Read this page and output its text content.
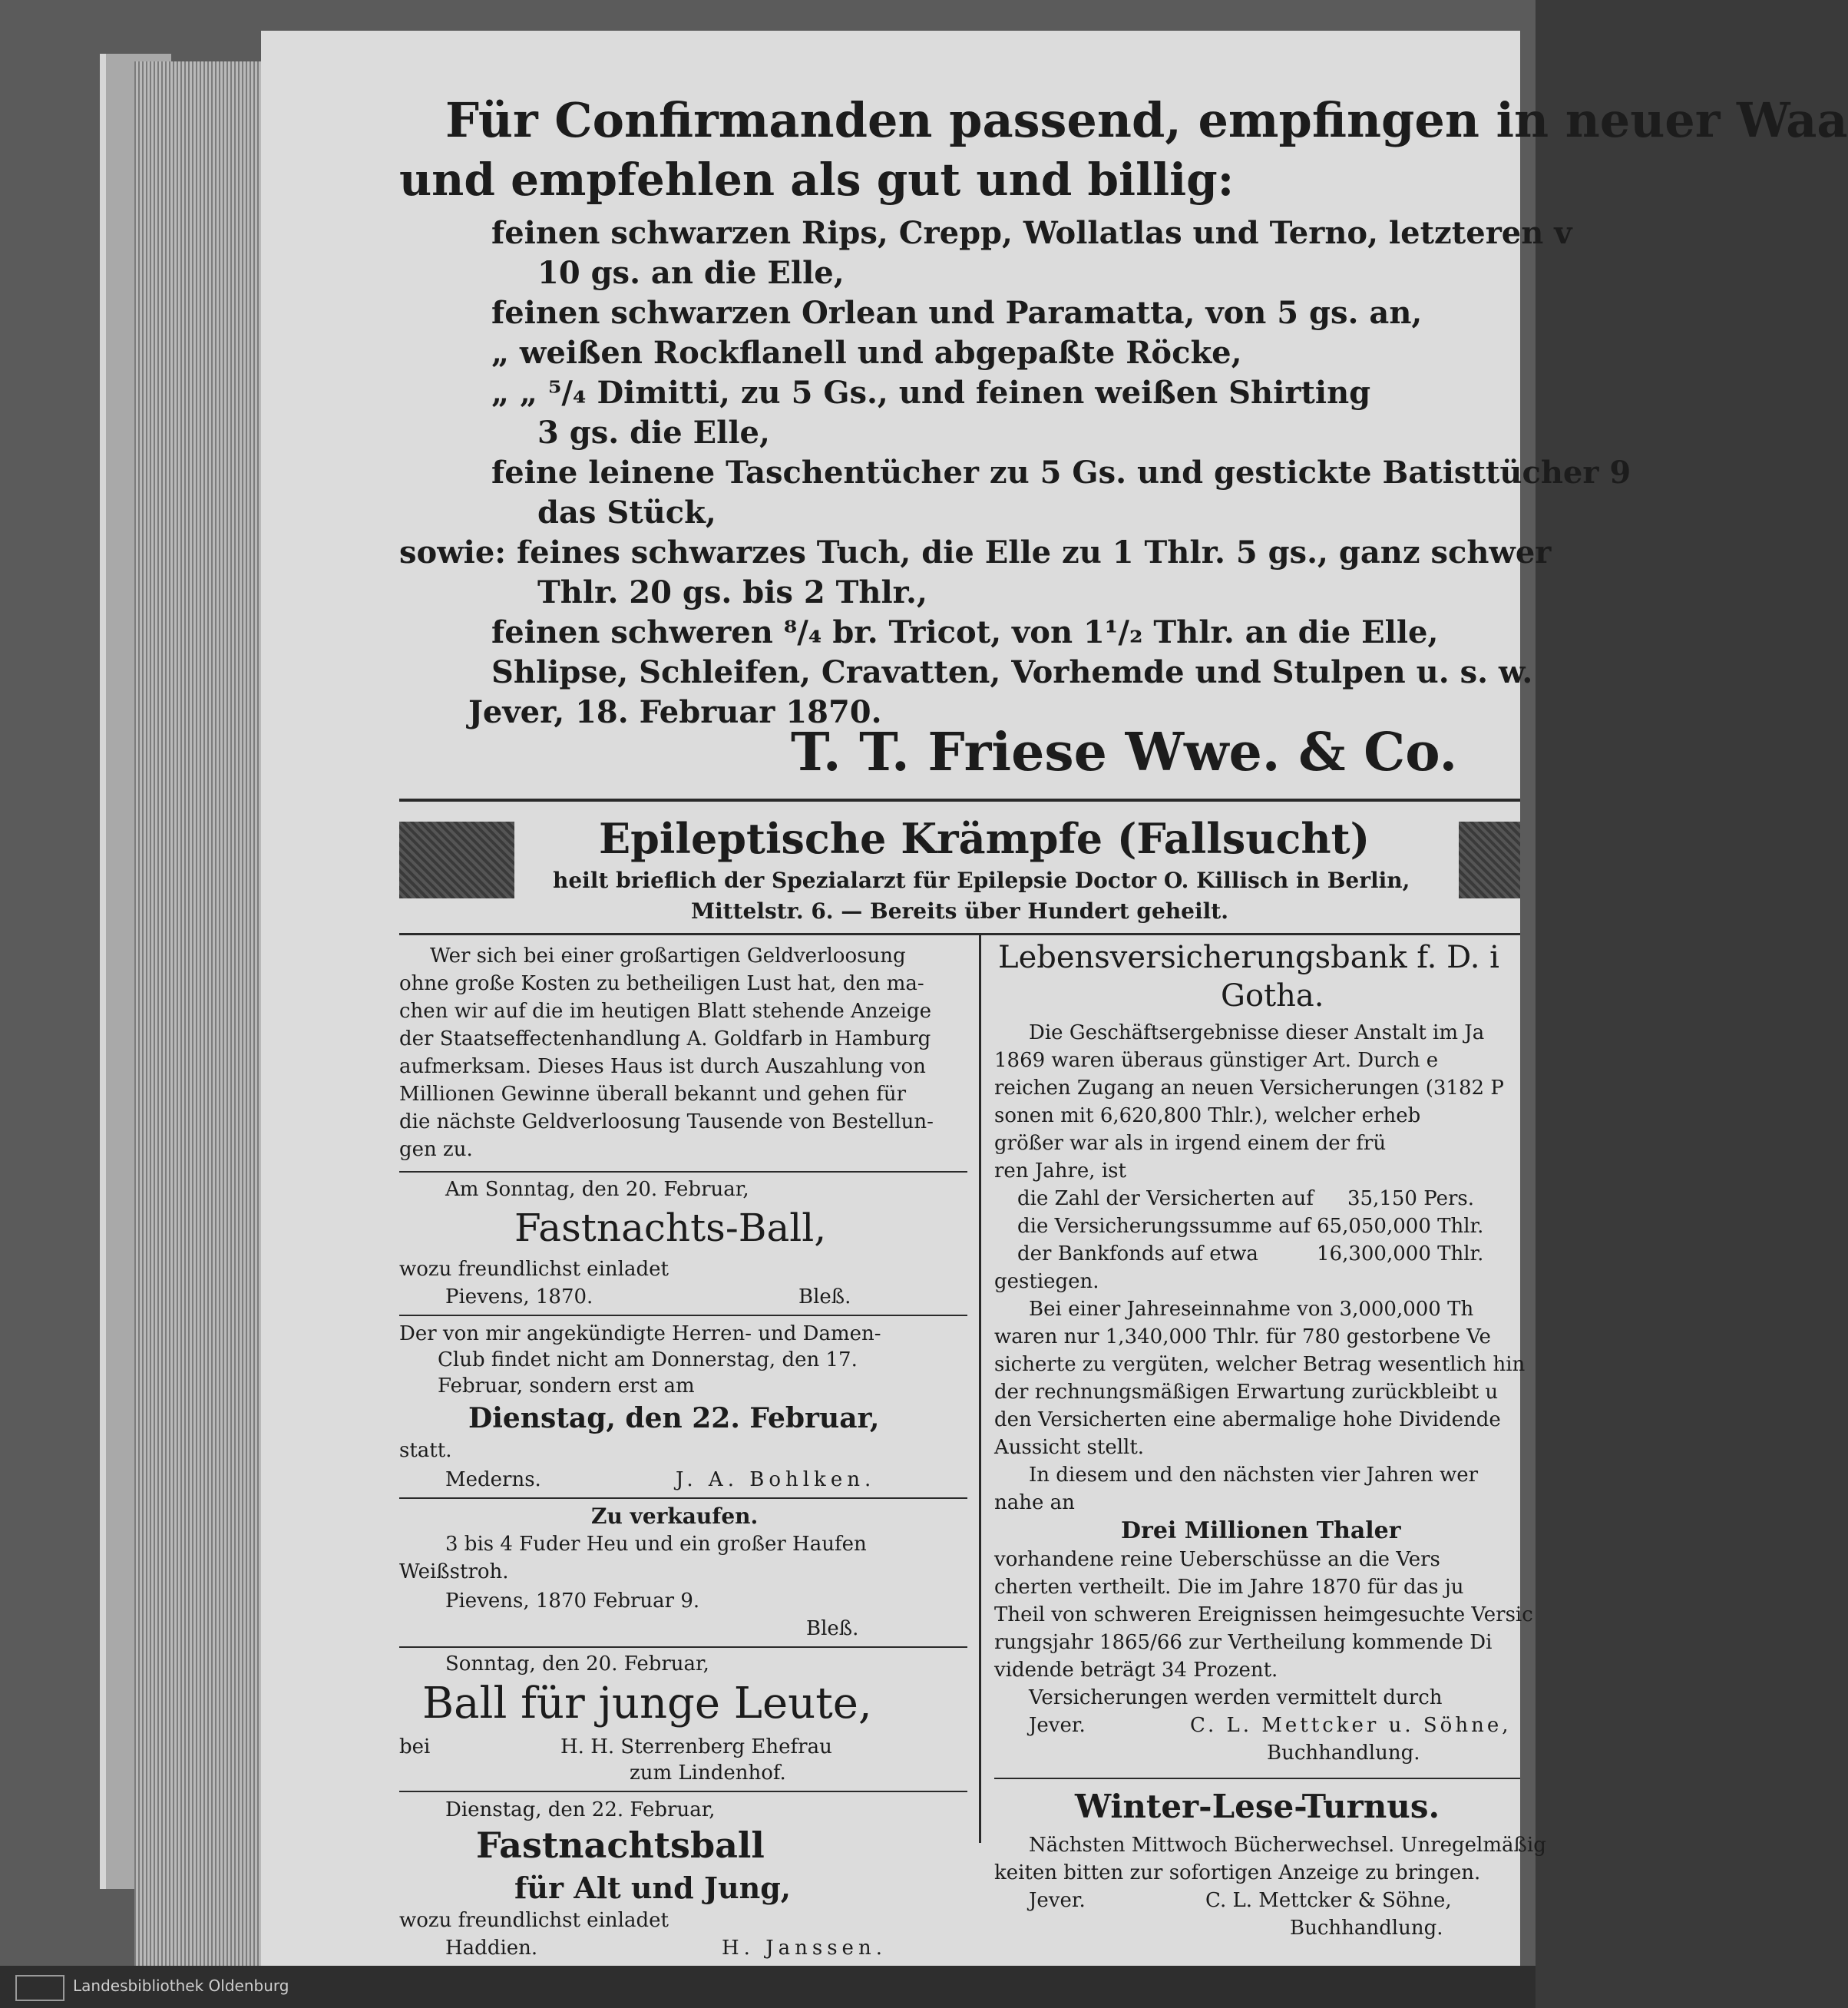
Für Confirmanden passend, empfingen in neuer Waa
und empfehlen als gut und billig:
feinen schwarzen Rips, Crepp, Wollatlas und Terno, letzteren v
10 gs. an die Elle,
feinen schwarzen Orlean und Paramatta, von 5 gs. an,
„ weißen Rockflanell und abgepaßte Röcke,
„ „ ⁵/₄ Dimitti, zu 5 Gs., und feinen weißen Shirting
3 gs. die Elle,
feine leinene Taschentücher zu 5 Gs. und gestickte Batisttücher 9
das Stück,
sowie: feines schwarzes Tuch, die Elle zu 1 Thlr. 5 gs., ganz schwer
Thlr. 20 gs. bis 2 Thlr.,
feinen schweren ⁸/₄ br. Tricot, von 1¹/₂ Thlr. an die Elle,
Shlipse, Schleifen, Cravatten, Vorhemde und Stulpen u. s. w.
Jever, 18. Februar 1870.
T. T. Friese Wwe. & Co.
Epileptische Krämpfe (Fallsucht)
heilt brieflich der Spezialarzt für Epilepsie Doctor O. Killisch in Berlin,
Mittelstr. 6. — Bereits über Hundert geheilt.
Wer sich bei einer großartigen Geldverloosung
ohne große Kosten zu betheiligen Lust hat, den ma-
chen wir auf die im heutigen Blatt stehende Anzeige
der Staatseffectenhandlung A. Goldfarb in Hamburg
aufmerksam. Dieses Haus ist durch Auszahlung von
Millionen Gewinne überall bekannt und gehen für
die nächste Geldverloosung Tausende von Bestellun-
gen zu.
Am Sonntag, den 20. Februar,
Fastnachts-Ball,
wozu freundlichst einladet
Pievens, 1870.	Bleß.
Der von mir angekündigte Herren- und Damen-
Club findet nicht am Donnerstag, den 17.
Februar, sondern erst am
Dienstag, den 22. Februar,
statt.
Mederns.	J. A. Bohlken.
Zu verkaufen.
3 bis 4 Fuder Heu und ein großer Haufen
Weißstroh.
Pievens, 1870 Februar 9.
Bleß.
Sonntag, den 20. Februar,
Ball für junge Leute,
bei	H. H. Sterrenberg Ehefrau
zum Lindenhof.
Dienstag, den 22. Februar,
Fastnachtsball
für Alt und Jung,
wozu freundlichst einladet
Haddien.	H. Janssen.
Lebensversicherungsbank f. D. i
Gotha.
Die Geschäftsergebnisse dieser Anstalt im Ja
1869 waren überaus günstiger Art. Durch e
reichen Zugang an neuen Versicherungen (3182 P
sonen mit 6,620,800 Thlr.), welcher erheb
größer war als in irgend einem der frü
ren Jahre, ist
die Zahl der Versicherten auf 35,150 Pers.
die Versicherungssumme auf 65,050,000 Thlr.
der Bankfonds auf etwa	16,300,000 Thlr.
gestiegen.
Bei einer Jahreseinnahme von 3,000,000 Th
waren nur 1,340,000 Thlr. für 780 gestorbene Ve
sicherte zu vergüten, welcher Betrag wesentlich hin
der rechnungsmäßigen Erwartung zurückbleibt u
den Versicherten eine abermalige hohe Dividende
Aussicht stellt.
In diesem und den nächsten vier Jahren wer
nahe an
Drei Millionen Thaler
vorhandene reine Ueberschüsse an die Vers
cherten vertheilt. Die im Jahre 1870 für das ju
Theil von schweren Ereignissen heimgesuchte Versic
rungsjahr 1865/66 zur Vertheilung kommende Di
vidende beträgt 34 Prozent.
Versicherungen werden vermittelt durch
Jever.	C. L. Mettcker u. Söhne,
Buchhandlung.
Winter-Lese-Turnus.
Nächsten Mittwoch Bücherwechsel. Unregelmäßig
keiten bitten zur sofortigen Anzeige zu bringen.
Jever.	C. L. Mettcker & Söhne,
Buchhandlung.
Landesbibliothek Oldenburg
